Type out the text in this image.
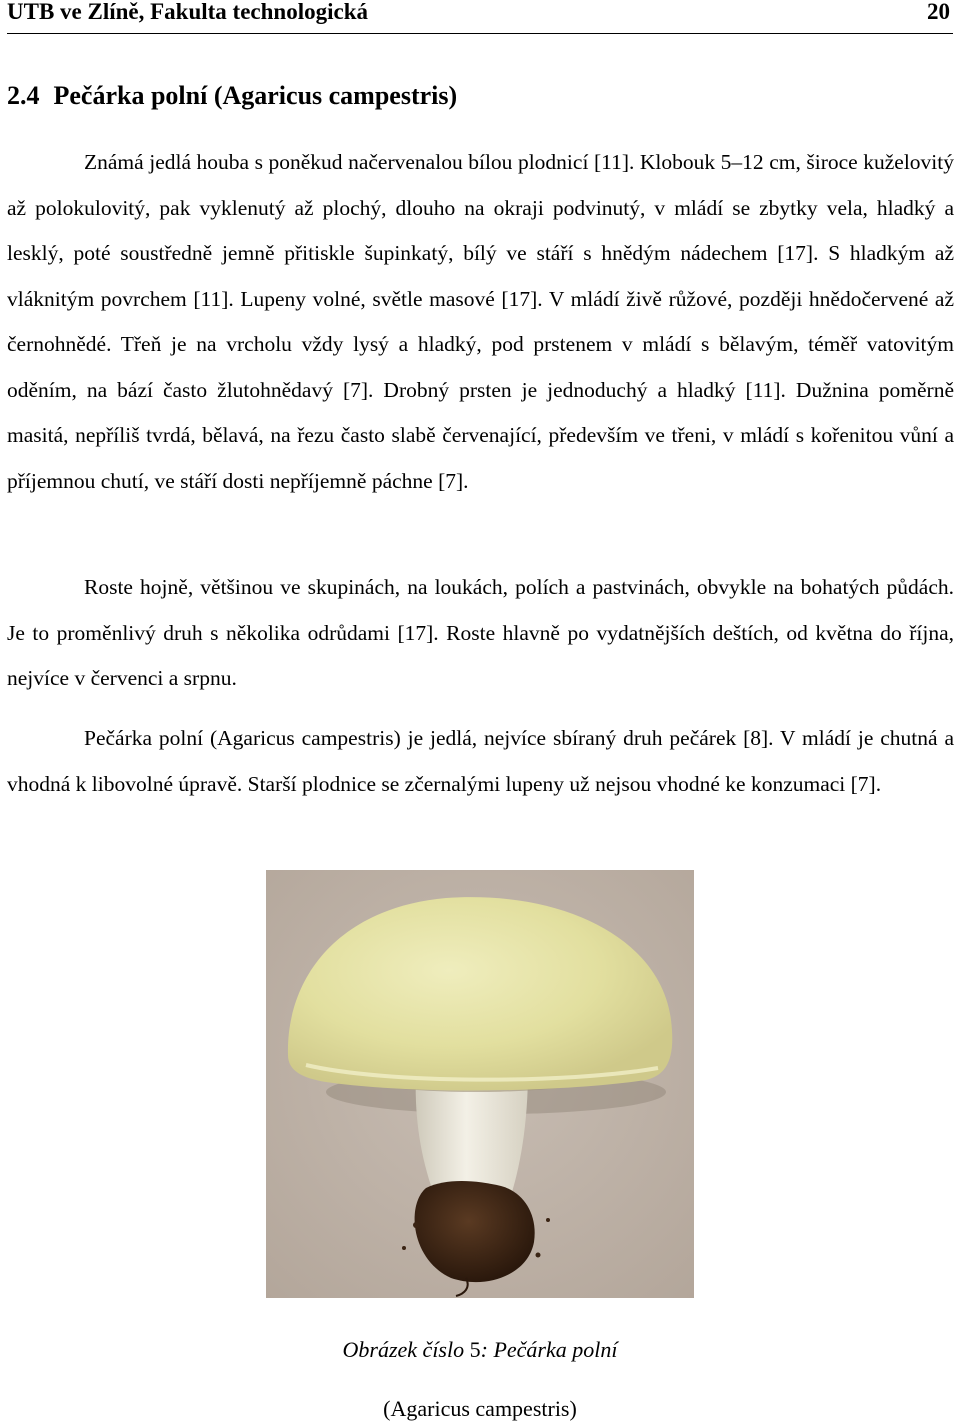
UTB ve Zlíně, Fakulta technologická	20
2.4 Pečárka polní (Agaricus campestris)

Známá jedlá houba s poněkud načervenalou bílou plodnicí [11]. Klobouk 5–12 cm, široce kuželovitý až polokulovitý, pak vyklenutý až plochý, dlouho na okraji podvinutý, v mládí se zbytky vela, hladký a lesklý, poté soustředně jemně přitiskle šupinkatý, bílý ve stáří s hnědým nádechem [17]. S hladkým až vláknitým povrchem [11]. Lupeny volné, světle masové [17]. V mládí živě růžové, později hnědočervené až černohnědé. Třeň je na vrcholu vždy lysý a hladký, pod prstenem v mládí s bělavým, téměř vatovitým oděním, na bází často žlutohnědavý [7]. Drobný prsten je jednoduchý a hladký [11]. Dužnina poměrně masitá, nepříliš tvrdá, bělavá, na řezu často slabě červenající, především ve třeni, v mládí s kořenitou vůní a příjemnou chutí, ve stáří dosti nepříjemně páchne [7].

Roste hojně, většinou ve skupinách, na loukách, polích a pastvinách, obvykle na bohatých půdách. Je to proměnlivý druh s několika odrůdami [17]. Roste hlavně po vydatnějších deštích, od května do října, nejvíce v červenci a srpnu.

Pečárka polní (Agaricus campestris) je jedlá, nejvíce sbíraný druh pečárek [8]. V mládí je chutná a vhodná k libovolné úpravě. Starší plodnice se zčernalými lupeny už nejsou vhodné ke konzumaci [7].

Obrázek číslo 5: Pečárka polní
(Agaricus campestris)
